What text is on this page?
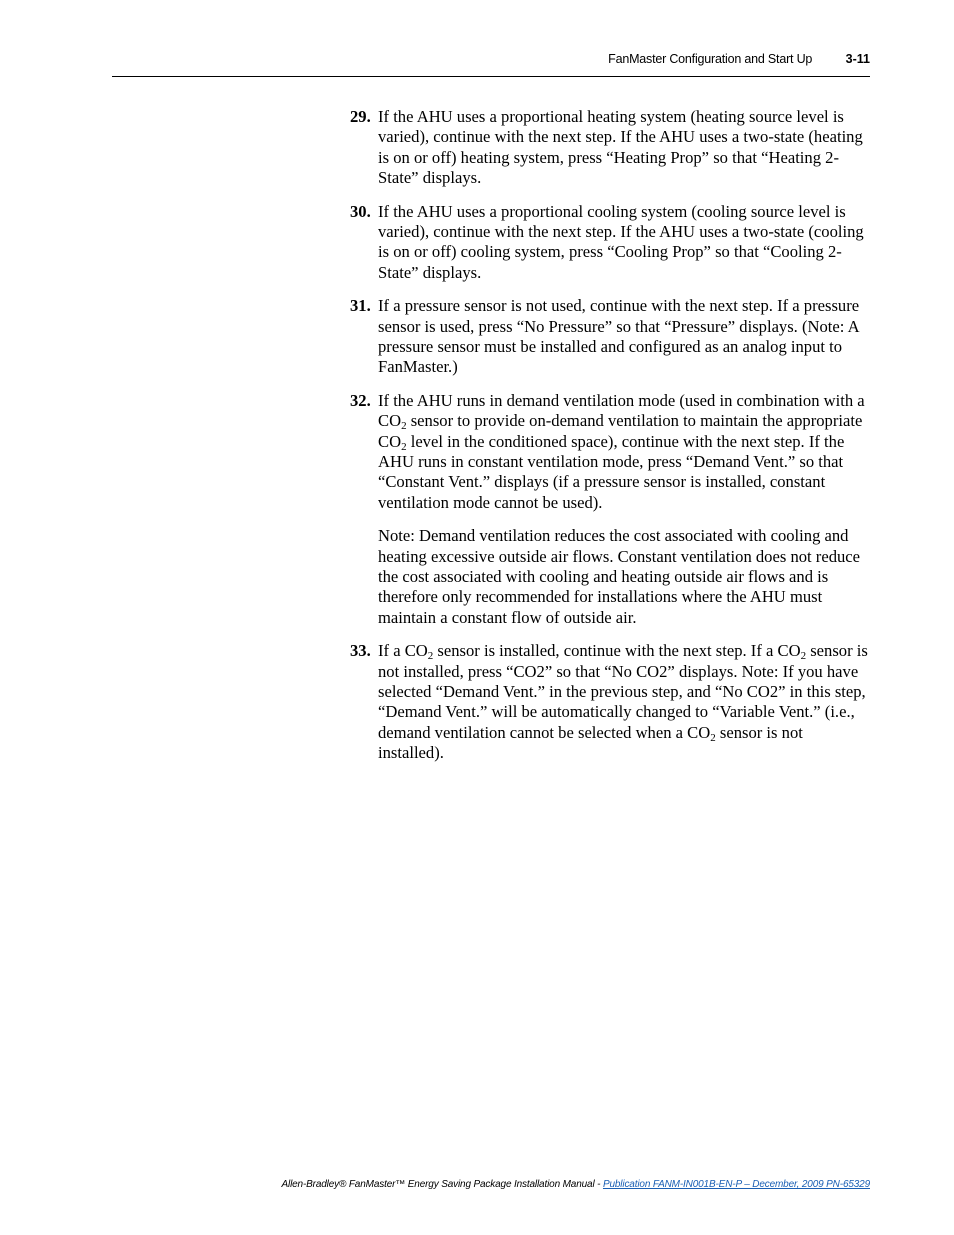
FanMaster Configuration and Start Up	3-11
29. If the AHU uses a proportional heating system (heating source level is varied), continue with the next step. If the AHU uses a two-state (heating is on or off) heating system, press “Heating Prop” so that “Heating 2-State” displays.

30. If the AHU uses a proportional cooling system (cooling source level is varied), continue with the next step. If the AHU uses a two-state (cooling is on or off) cooling system, press “Cooling Prop” so that “Cooling 2-State” displays.

31. If a pressure sensor is not used, continue with the next step. If a pressure sensor is used, press “No Pressure” so that “Pressure” displays. (Note: A pressure sensor must be installed and configured as an analog input to FanMaster.)

32. If the AHU runs in demand ventilation mode (used in combination with a $CO_2$ sensor to provide on-demand ventilation to maintain the appropriate $CO_2$ level in the conditioned space), continue with the next step. If the AHU runs in constant ventilation mode, press “Demand Vent.” so that “Constant Vent.” displays (if a pressure sensor is installed, constant ventilation mode cannot be used).

Note: Demand ventilation reduces the cost associated with cooling and heating excessive outside air flows. Constant ventilation does not reduce the cost associated with cooling and heating outside air flows and is therefore only recommended for installations where the AHU must maintain a constant flow of outside air.

33. If a $CO_2$ sensor is installed, continue with the next step. If a $CO_2$ sensor is not installed, press “CO2” so that “No CO2” displays. Note: If you have selected “Demand Vent.” in the previous step, and “No CO2” in this step, “Demand Vent.” will be automatically changed to “Variable Vent.” (i.e., demand ventilation cannot be selected when a $CO_2$ sensor is not installed).

Allen-Bradley® FanMaster™ Energy Saving Package Installation Manual - Publication FANM-IN001B-EN-P – December, 2009 PN-65329
